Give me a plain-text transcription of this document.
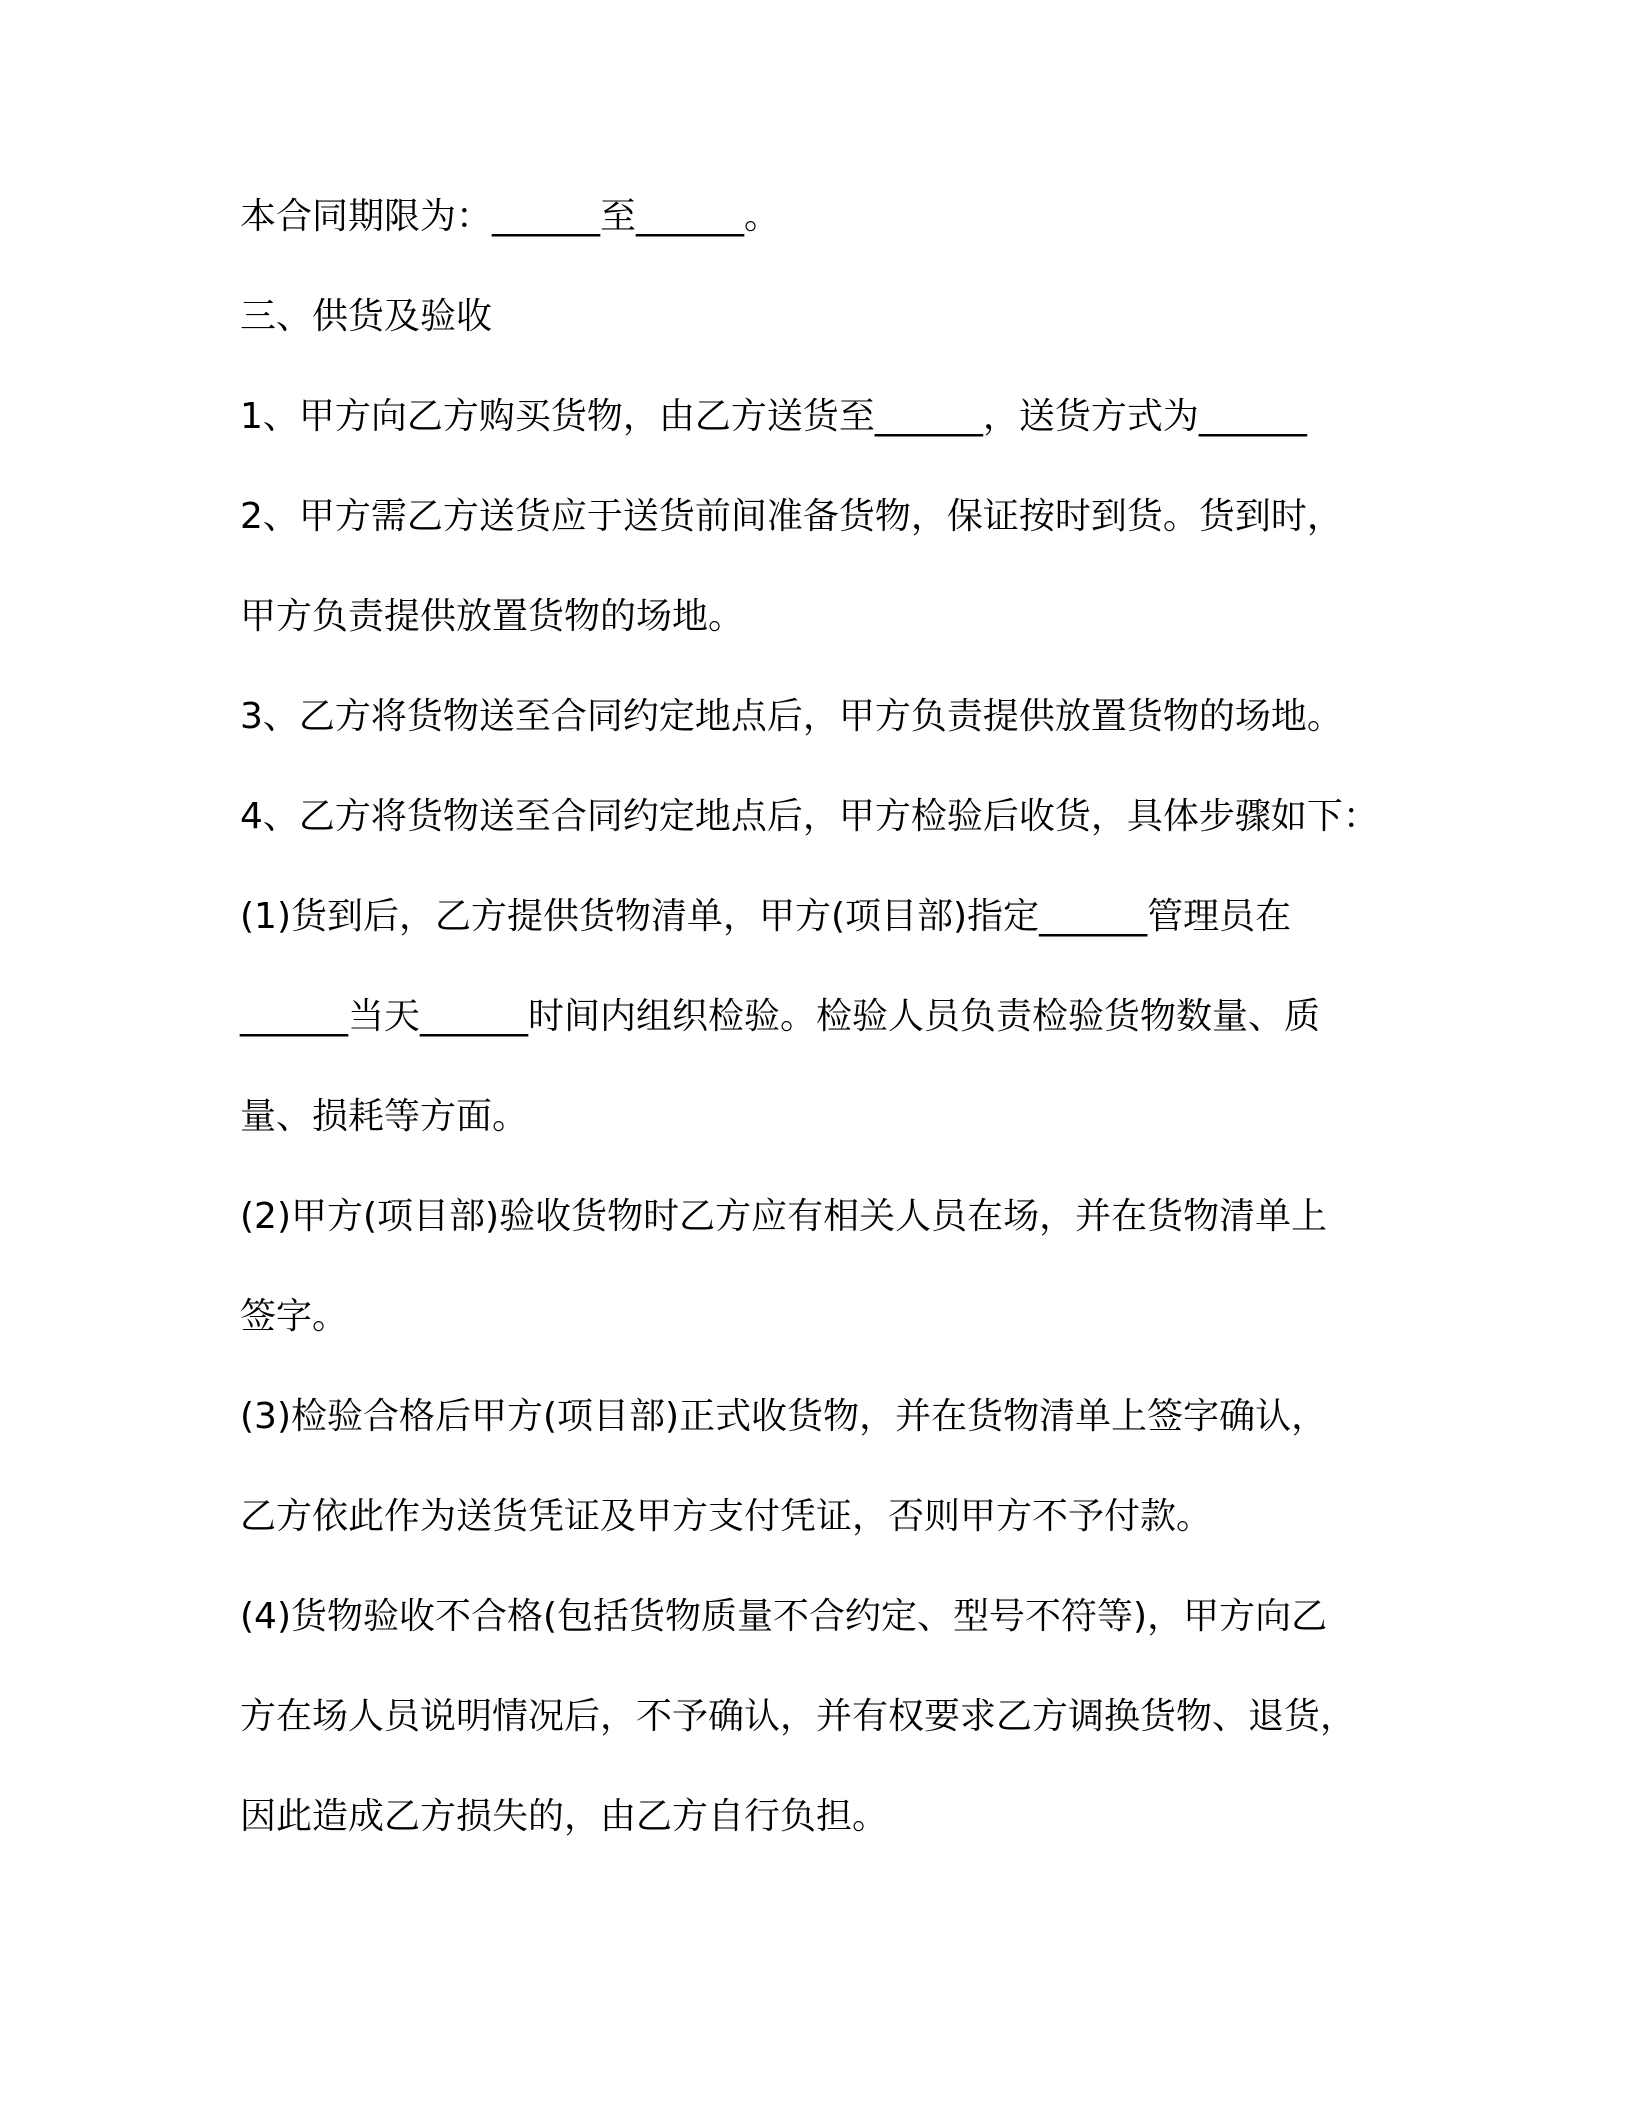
本合同期限为：______至______。
三、供货及验收
1、甲方向乙方购买货物，由乙方送货至______，送货方式为______
2、甲方需乙方送货应于送货前间准备货物，保证按时到货。货到时，
甲方负责提供放置货物的场地。
3、乙方将货物送至合同约定地点后，甲方负责提供放置货物的场地。
4、乙方将货物送至合同约定地点后，甲方检验后收货，具体步骤如下：
(1)货到后，乙方提供货物清单，甲方(项目部)指定______管理员在
______当天______时间内组织检验。检验人员负责检验货物数量、质
量、损耗等方面。
(2)甲方(项目部)验收货物时乙方应有相关人员在场，并在货物清单上
签字。
(3)检验合格后甲方(项目部)正式收货物，并在货物清单上签字确认，
乙方依此作为送货凭证及甲方支付凭证，否则甲方不予付款。
(4)货物验收不合格(包括货物质量不合约定、型号不符等)，甲方向乙
方在场人员说明情况后，不予确认，并有权要求乙方调换货物、退货，
因此造成乙方损失的，由乙方自行负担。
